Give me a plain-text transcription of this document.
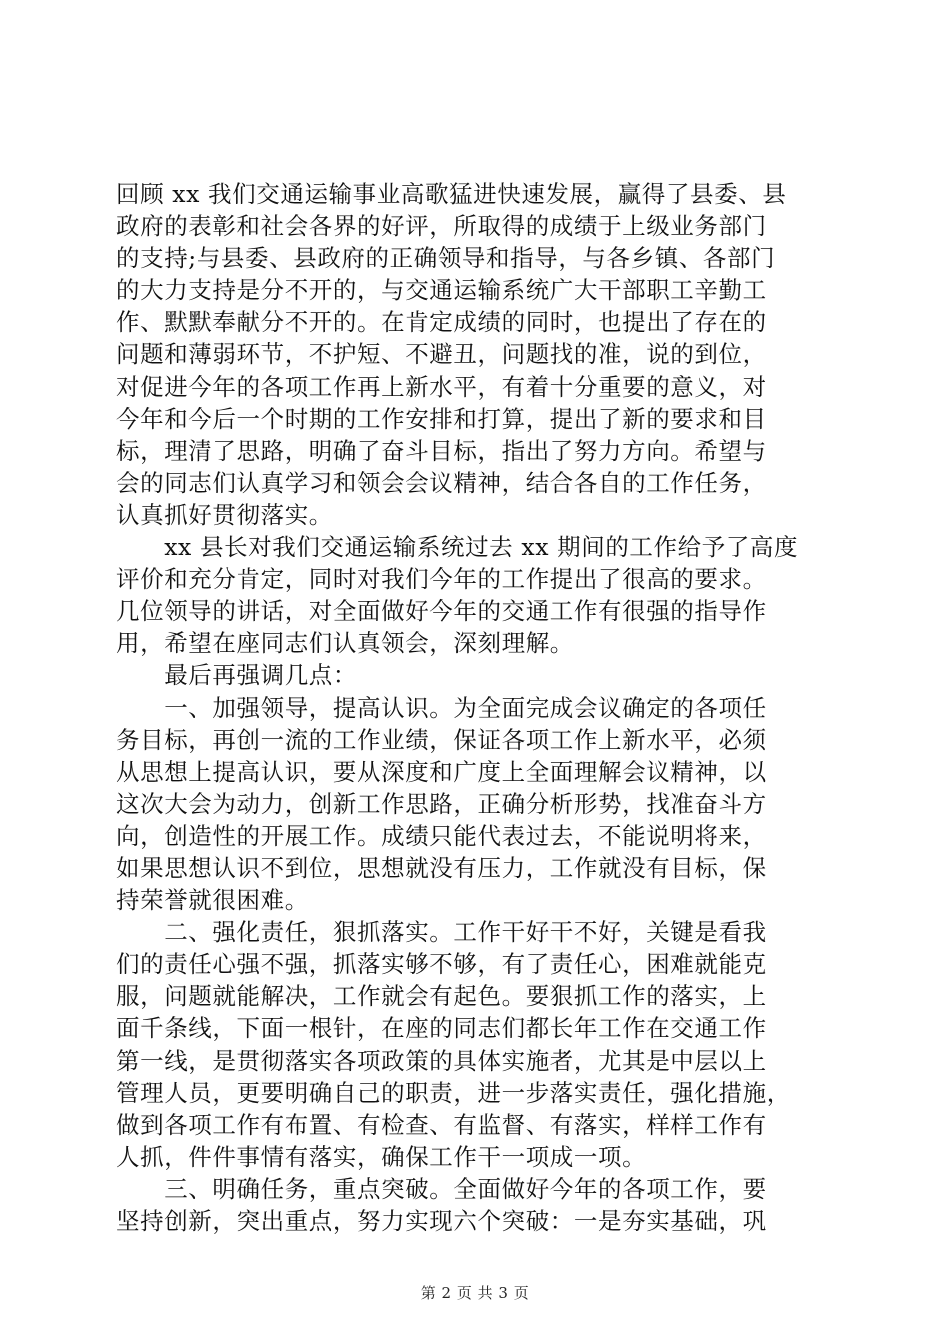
回顾 xx 我们交通运输事业高歌猛进快速发展，赢得了县委、县
政府的表彰和社会各界的好评，所取得的成绩于上级业务部门
的支持;与县委、县政府的正确领导和指导，与各乡镇、各部门
的大力支持是分不开的，与交通运输系统广大干部职工辛勤工
作、默默奉献分不开的。在肯定成绩的同时，也提出了存在的
问题和薄弱环节，不护短、不避丑，问题找的准，说的到位，
对促进今年的各项工作再上新水平，有着十分重要的意义，对
今年和今后一个时期的工作安排和打算，提出了新的要求和目
标，理清了思路，明确了奋斗目标，指出了努力方向。希望与
会的同志们认真学习和领会会议精神，结合各自的工作任务，
认真抓好贯彻落实。
　　xx 县长对我们交通运输系统过去 xx 期间的工作给予了高度
评价和充分肯定，同时对我们今年的工作提出了很高的要求。
几位领导的讲话，对全面做好今年的交通工作有很强的指导作
用，希望在座同志们认真领会，深刻理解。
　　最后再强调几点：
　　一、加强领导，提高认识。为全面完成会议确定的各项任
务目标，再创一流的工作业绩，保证各项工作上新水平，必须
从思想上提高认识，要从深度和广度上全面理解会议精神，以
这次大会为动力，创新工作思路，正确分析形势，找准奋斗方
向，创造性的开展工作。成绩只能代表过去，不能说明将来，
如果思想认识不到位，思想就没有压力，工作就没有目标，保
持荣誉就很困难。
　　二、强化责任，狠抓落实。工作干好干不好，关键是看我
们的责任心强不强，抓落实够不够，有了责任心，困难就能克
服，问题就能解决，工作就会有起色。要狠抓工作的落实，上
面千条线，下面一根针，在座的同志们都长年工作在交通工作
第一线，是贯彻落实各项政策的具体实施者，尤其是中层以上
管理人员，更要明确自己的职责，进一步落实责任，强化措施，
做到各项工作有布置、有检查、有监督、有落实，样样工作有
人抓，件件事情有落实，确保工作干一项成一项。
　　三、明确任务，重点突破。全面做好今年的各项工作，要
坚持创新，突出重点，努力实现六个突破：一是夯实基础，巩
第 2 页 共 3 页
